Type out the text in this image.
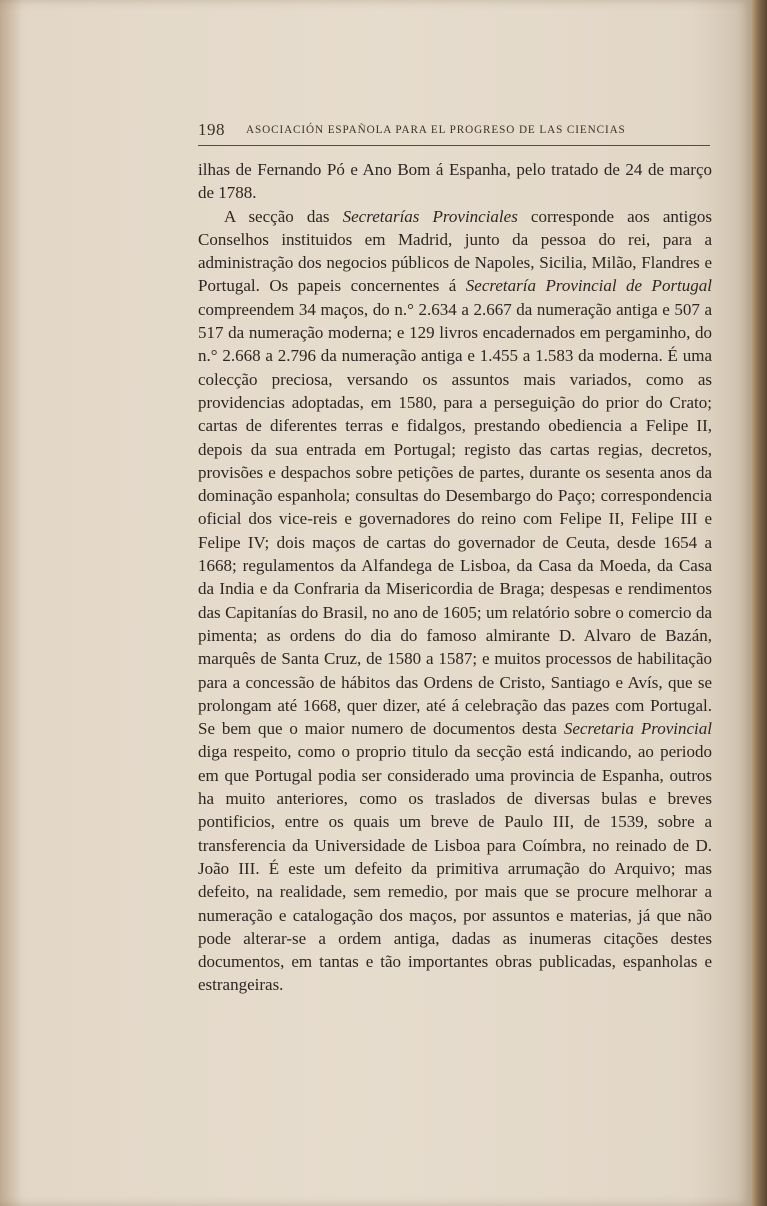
198 ASOCIACIÓN ESPAÑOLA PARA EL PROGRESO DE LAS CIENCIAS

ilhas de Fernando Pó e Ano Bom á Espanha, pelo tratado de 24 de março de 1788.

A secção das Secretarías Provinciales corresponde aos antigos Conselhos instituidos em Madrid, junto da pessoa do rei, para a administração dos negocios públicos de Napoles, Sicilia, Milão, Flandres e Portugal. Os papeis concernentes á Secretaría Provincial de Portugal compreendem 34 maços, do n.° 2.634 a 2.667 da numeração antiga e 507 a 517 da numeração moderna; e 129 livros encadernados em pergaminho, do n.° 2.668 a 2.796 da numeração antiga e 1.455 a 1.583 da moderna. É uma colecção preciosa, versando os assuntos mais variados, como as providencias adoptadas, em 1580, para a perseguição do prior do Crato; cartas de diferentes terras e fidalgos, prestando obediencia a Felipe II, depois da sua entrada em Portugal; registo das cartas regias, decretos, provisões e despachos sobre petições de partes, durante os sesenta anos da dominação espanhola; consultas do Desembargo do Paço; correspondencia oficial dos vice-reis e governadores do reino com Felipe II, Felipe III e Felipe IV; dois maços de cartas do governador de Ceuta, desde 1654 a 1668; regulamentos da Alfandega de Lisboa, da Casa da Moeda, da Casa da India e da Confraria da Misericordia de Braga; despesas e rendimentos das Capitanías do Brasil, no ano de 1605; um relatório sobre o comercio da pimenta; as ordens do dia do famoso almirante D. Alvaro de Bazán, marquês de Santa Cruz, de 1580 a 1587; e muitos processos de habilitação para a concessão de hábitos das Ordens de Cristo, Santiago e Avís, que se prolongam até 1668, quer dizer, até á celebração das pazes com Portugal. Se bem que o maior numero de documentos desta Secretaria Provincial diga respeito, como o proprio titulo da secção está indicando, ao periodo em que Portugal podia ser considerado uma provincia de Espanha, outros ha muito anteriores, como os traslados de diversas bulas e breves pontificios, entre os quais um breve de Paulo III, de 1539, sobre a transferencia da Universidade de Lisboa para Coímbra, no reinado de D. João III. É este um defeito da primitiva arrumação do Arquivo; mas defeito, na realidade, sem remedio, por mais que se procure melhorar a numeração e catalogação dos maços, por assuntos e materias, já que não pode alterar-se a ordem antiga, dadas as inumeras citações destes documentos, em tantas e tão importantes obras publicadas, espanholas e estrangeiras.
